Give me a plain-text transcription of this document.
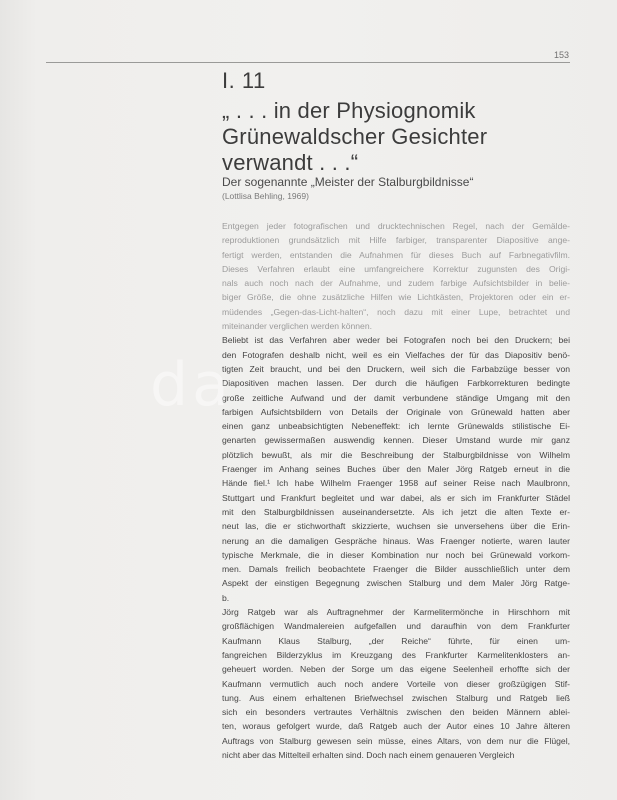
153
I. 11
„ . . . in der Physiognomik
Grünewaldscher Gesichter
verwandt . . .“
Der sogenannte „Meister der Stalburgbildnisse“
(Lottlisa Behling, 1969)
Entgegen jeder fotografischen und drucktechnischen Regel, nach der Gemälde-
reproduktionen grundsätzlich mit Hilfe farbiger, transparenter Diapositive ange-
fertigt werden, entstanden die Aufnahmen für dieses Buch auf Farbnegativfilm.
Dieses Verfahren erlaubt eine umfangreichere Korrektur zugunsten des Origi-
nals auch noch nach der Aufnahme, und zudem farbige Aufsichtsbilder in belie-
biger Größe, die ohne zusätzliche Hilfen wie Lichtkästen, Projektoren oder ein er-
müdendes „Gegen-das-Licht-halten“, noch dazu mit einer Lupe, betrachtet und
miteinander verglichen werden können.
Beliebt ist das Verfahren aber weder bei Fotografen noch bei den Druckern; bei
den Fotografen deshalb nicht, weil es ein Vielfaches der für das Diapositiv benö-
tigten Zeit braucht, und bei den Druckern, weil sich die Farbabzüge besser von
Diapositiven machen lassen. Der durch die häufigen Farbkorrekturen bedingte
große zeitliche Aufwand und der damit verbundene ständige Umgang mit den
farbigen Aufsichtsbildern von Details der Originale von Grünewald hatten aber
einen ganz unbeabsichtigten Nebeneffekt: ich lernte Grünewalds stilistische Ei-
genarten gewissermaßen auswendig kennen. Dieser Umstand wurde mir ganz
plötzlich bewußt, als mir die Beschreibung der Stalburgbildnisse von Wilhelm
Fraenger im Anhang seines Buches über den Maler Jörg Ratgeb erneut in die
Hände fiel.¹ Ich habe Wilhelm Fraenger 1958 auf seiner Reise nach Maulbronn,
Stuttgart und Frankfurt begleitet und war dabei, als er sich im Frankfurter Städel
mit den Stalburgbildnissen auseinandersetzte. Als ich jetzt die alten Texte er-
neut las, die er stichworthaft skizzierte, wuchsen sie unversehens über die Erin-
nerung an die damaligen Gespräche hinaus. Was Fraenger notierte, waren lauter
typische Merkmale, die in dieser Kombination nur noch bei Grünewald vorkom-
men. Damals freilich beobachtete Fraenger die Bilder ausschließlich unter dem
Aspekt der einstigen Begegnung zwischen Stalburg und dem Maler Jörg Ratge-
b.
Jörg Ratgeb war als Auftragnehmer der Karmelitermönche in Hirschhorn mit
großflächigen Wandmalereien aufgefallen und daraufhin von dem Frankfurter
Kaufmann Klaus Stalburg, „der Reiche“ führte, für einen um-
fangreichen Bilderzyklus im Kreuzgang des Frankfurter Karmelitenklosters an-
geheuert worden. Neben der Sorge um das eigene Seelenheil erhoffte sich der
Kaufmann vermutlich auch noch andere Vorteile von dieser großzügigen Stif-
tung. Aus einem erhaltenen Briefwechsel zwischen Stalburg und Ratgeb ließ
sich ein besonders vertrautes Verhältnis zwischen den beiden Männern ablei-
ten, woraus gefolgert wurde, daß Ratgeb auch der Autor eines 10 Jahre älteren
Auftrags von Stalburg gewesen sein müsse, eines Altars, von dem nur die Flügel,
nicht aber das Mittelteil erhalten sind. Doch nach einem genaueren Vergleich
da
